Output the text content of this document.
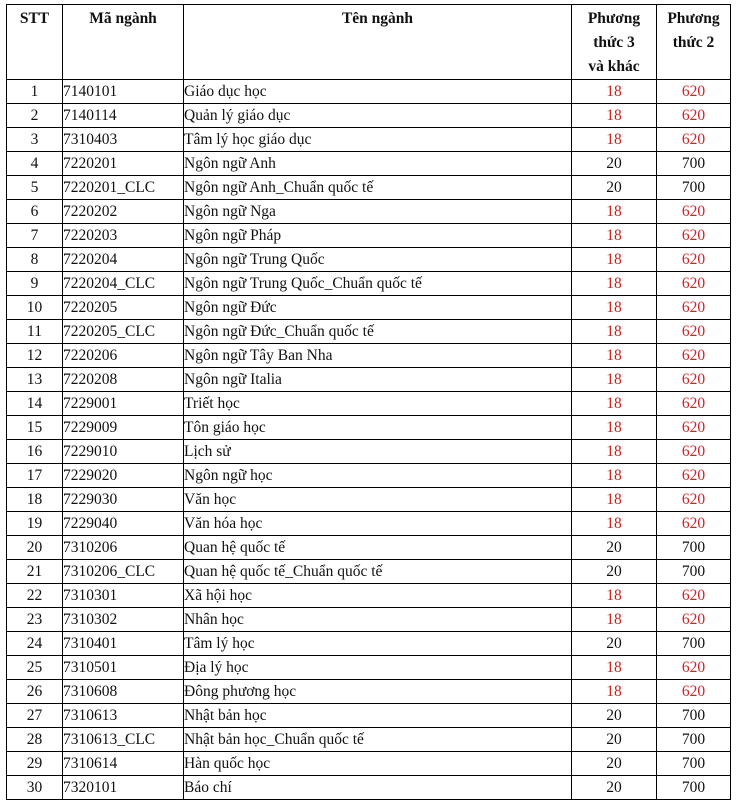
STT	Mã ngành	Tên ngành	Phương
thức 3
và khác	Phương
thức 2
1	7140101	Giáo dục học	18	620
2	7140114	Quản lý giáo dục	18	620
3	7310403	Tâm lý học giáo dục	18	620
4	7220201	Ngôn ngữ Anh	20	700
5	7220201_CLC	Ngôn ngữ Anh_Chuẩn quốc tế	20	700
6	7220202	Ngôn ngữ Nga	18	620
7	7220203	Ngôn ngữ Pháp	18	620
8	7220204	Ngôn ngữ Trung Quốc	18	620
9	7220204_CLC	Ngôn ngữ Trung Quốc_Chuẩn quốc tế	18	620
10	7220205	Ngôn ngữ Đức	18	620
11	7220205_CLC	Ngôn ngữ Đức_Chuẩn quốc tế	18	620
12	7220206	Ngôn ngữ Tây Ban Nha	18	620
13	7220208	Ngôn ngữ Italia	18	620
14	7229001	Triết học	18	620
15	7229009	Tôn giáo học	18	620
16	7229010	Lịch sử	18	620
17	7229020	Ngôn ngữ học	18	620
18	7229030	Văn học	18	620
19	7229040	Văn hóa học	18	620
20	7310206	Quan hệ quốc tế	20	700
21	7310206_CLC	Quan hệ quốc tế_Chuẩn quốc tế	20	700
22	7310301	Xã hội học	18	620
23	7310302	Nhân học	18	620
24	7310401	Tâm lý học	20	700
25	7310501	Địa lý học	18	620
26	7310608	Đông phương học	18	620
27	7310613	Nhật bản học	20	700
28	7310613_CLC	Nhật bản học_Chuẩn quốc tế	20	700
29	7310614	Hàn quốc học	20	700
30	7320101	Báo chí	20	700
